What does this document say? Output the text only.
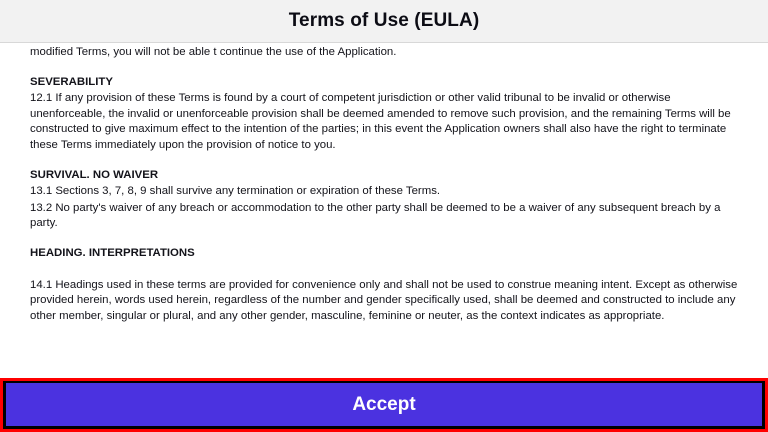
Terms of Use (EULA)

modified Terms, you will not be able t continue the use of the Application.

SEVERABILITY

12.1 If any provision of these Terms is found by a court of competent jurisdiction or other valid tribunal to be invalid or otherwise unenforceable, the invalid or unenforceable provision shall be deemed amended to remove such provision, and the remaining Terms will be constructed to give maximum effect to the intention of the parties; in this event the Application owners shall also have the right to terminate these Terms immediately upon the provision of notice to you.

SURVIVAL. NO WAIVER

13.1 Sections 3, 7, 8, 9 shall survive any termination or expiration of these Terms.

13.2 No party's waiver of any breach or accommodation to the other party shall be deemed to be a waiver of any subsequent breach by a party.

HEADING. INTERPRETATIONS

14.1 Headings used in these terms are provided for convenience only and shall not be used to construe meaning intent. Except as otherwise provided herein, words used herein, regardless of the number and gender specifically used, shall be deemed and constructed to include any other member, singular or plural, and any other gender, masculine, feminine or neuter, as the context indicates as appropriate.

Accept
